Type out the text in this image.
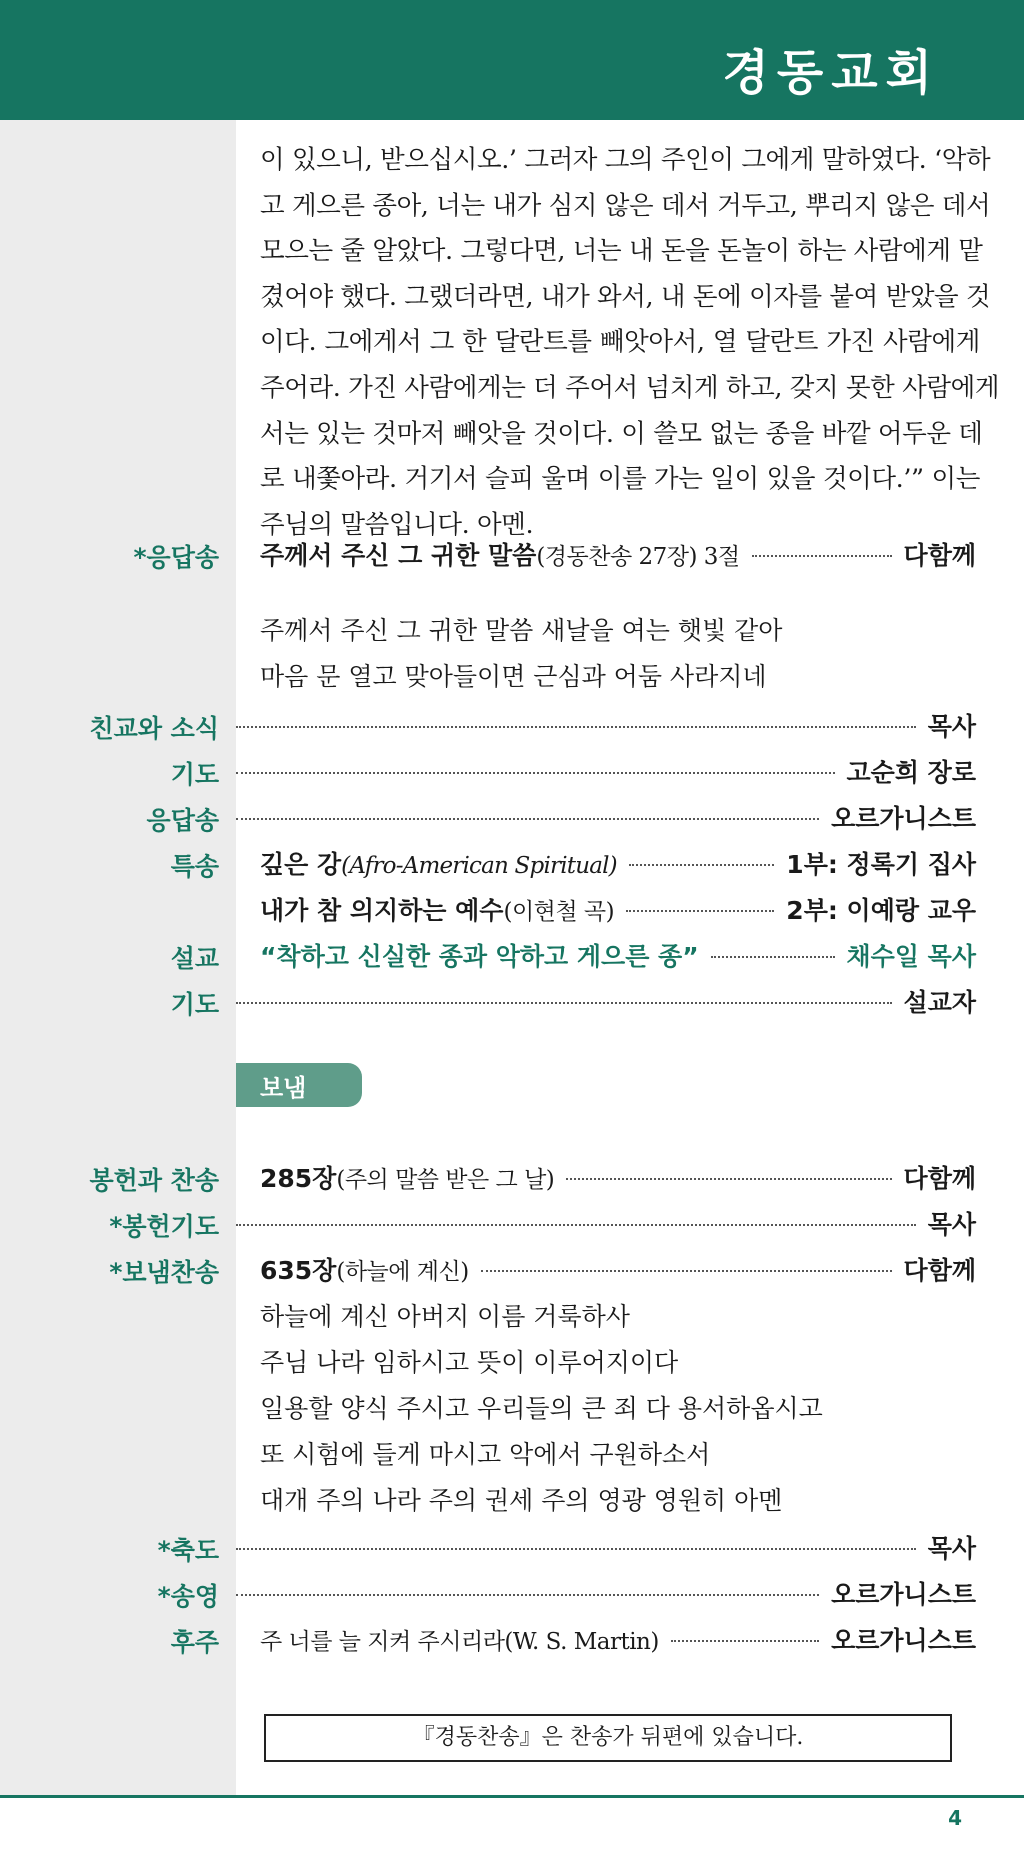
경동교회
이 있으니, 받으십시오.’ 그러자 그의 주인이 그에게 말하였다. ‘악하
고 게으른 종아, 너는 내가 심지 않은 데서 거두고, 뿌리지 않은 데서
모으는 줄 알았다. 그렇다면, 너는 내 돈을 돈놀이 하는 사람에게 맡
겼어야 했다. 그랬더라면, 내가 와서, 내 돈에 이자를 붙여 받았을 것
이다. 그에게서 그 한 달란트를 빼앗아서, 열 달란트 가진 사람에게
주어라. 가진 사람에게는 더 주어서 넘치게 하고, 갖지 못한 사람에게
서는 있는 것마저 빼앗을 것이다. 이 쓸모 없는 종을 바깥 어두운 데
로 내쫓아라. 거기서 슬피 울며 이를 가는 일이 있을 것이다.’” 이는
주님의 말씀입니다. 아멘.
*응답송 주께서 주신 그 귀한 말씀(경동찬송 27장) 3절	다함께
주께서 주신 그 귀한 말씀 새날을 여는 햇빛 같아
마음 문 열고 맞아들이면 근심과 어둠 사라지네
친교와 소식	목사
기도	고순희 장로
응답송	오르가니스트
특송 깊은 강(Afro-American Spiritual)	1부: 정록기 집사
내가 참 의지하는 예수(이현철 곡)	2부: 이예랑 교우
설교 “착하고 신실한 종과 악하고 게으른 종”	채수일 목사
기도	설교자
보냄
봉헌과 찬송 285장(주의 말씀 받은 그 날)	다함께
*봉헌기도	목사
*보냄찬송 635장(하늘에 계신)	다함께
하늘에 계신 아버지 이름 거룩하사
주님 나라 임하시고 뜻이 이루어지이다
일용할 양식 주시고 우리들의 큰 죄 다 용서하옵시고
또 시험에 들게 마시고 악에서 구원하소서
대개 주의 나라 주의 권세 주의 영광 영원히 아멘
*축도	목사
*송영	오르가니스트
후주 주 너를 늘 지켜 주시리라(W. S. Martin)	오르가니스트
『경동찬송』은 찬송가 뒤편에 있습니다.
4
